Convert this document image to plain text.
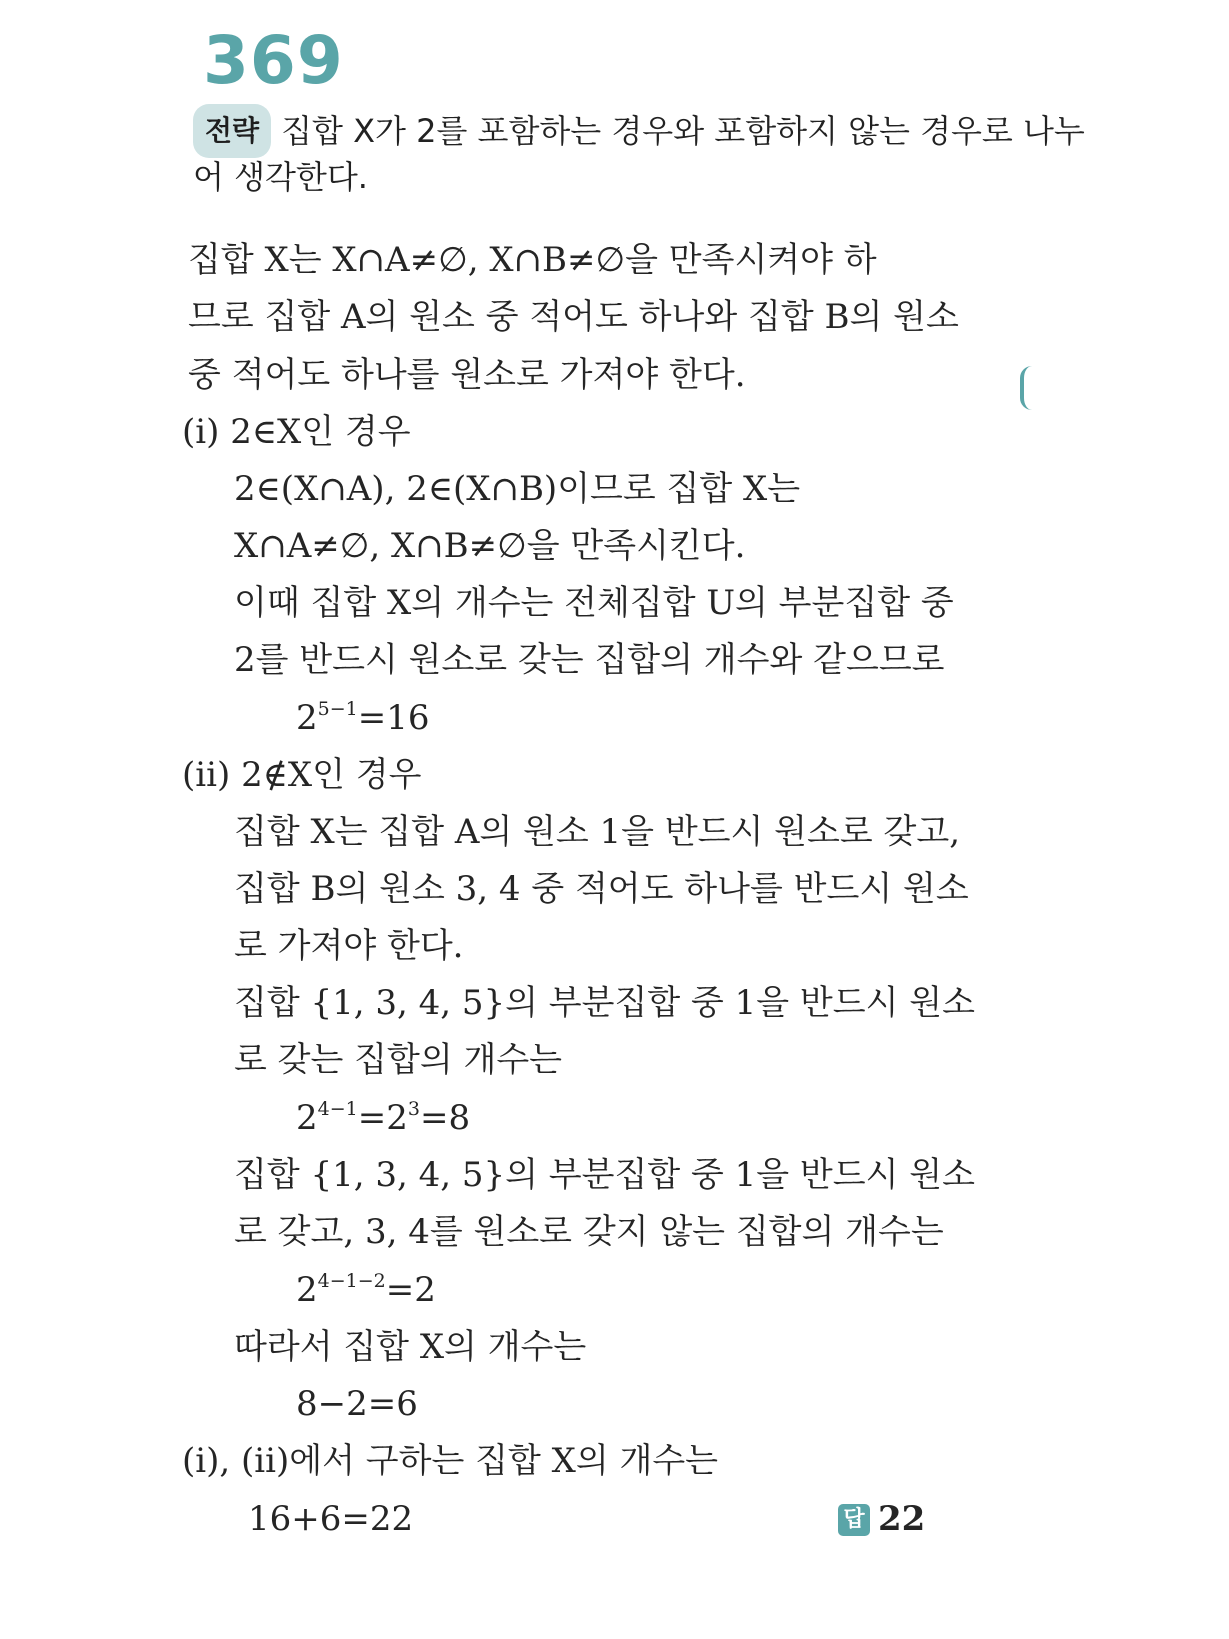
369
전략 집합 X가 2를 포함하는 경우와 포함하지 않는 경우로 나누
어 생각한다.
집합 X는 X∩A≠∅, X∩B≠∅을 만족시켜야 하
므로 집합 A의 원소 중 적어도 하나와 집합 B의 원소
중 적어도 하나를 원소로 가져야 한다.
(ⅰ) 2∈X인 경우
2∈(X∩A), 2∈(X∩B)이므로 집합 X는
X∩A≠∅, X∩B≠∅을 만족시킨다.
이때 집합 X의 개수는 전체집합 U의 부분집합 중
2를 반드시 원소로 갖는 집합의 개수와 같으므로
$2^{5-1}=16$
(ⅱ) 2∉X인 경우
집합 X는 집합 A의 원소 1을 반드시 원소로 갖고,
집합 B의 원소 3, 4 중 적어도 하나를 반드시 원소
로 가져야 한다.
집합 {1, 3, 4, 5}의 부분집합 중 1을 반드시 원소
로 갖는 집합의 개수는
$2^{4-1}=2^3=8$
집합 {1, 3, 4, 5}의 부분집합 중 1을 반드시 원소
로 갖고, 3, 4를 원소로 갖지 않는 집합의 개수는
$2^{4-1-2}=2$
따라서 집합 X의 개수는
8−2=6
(ⅰ), (ⅱ)에서 구하는 집합 X의 개수는
16+6=22	답 22
